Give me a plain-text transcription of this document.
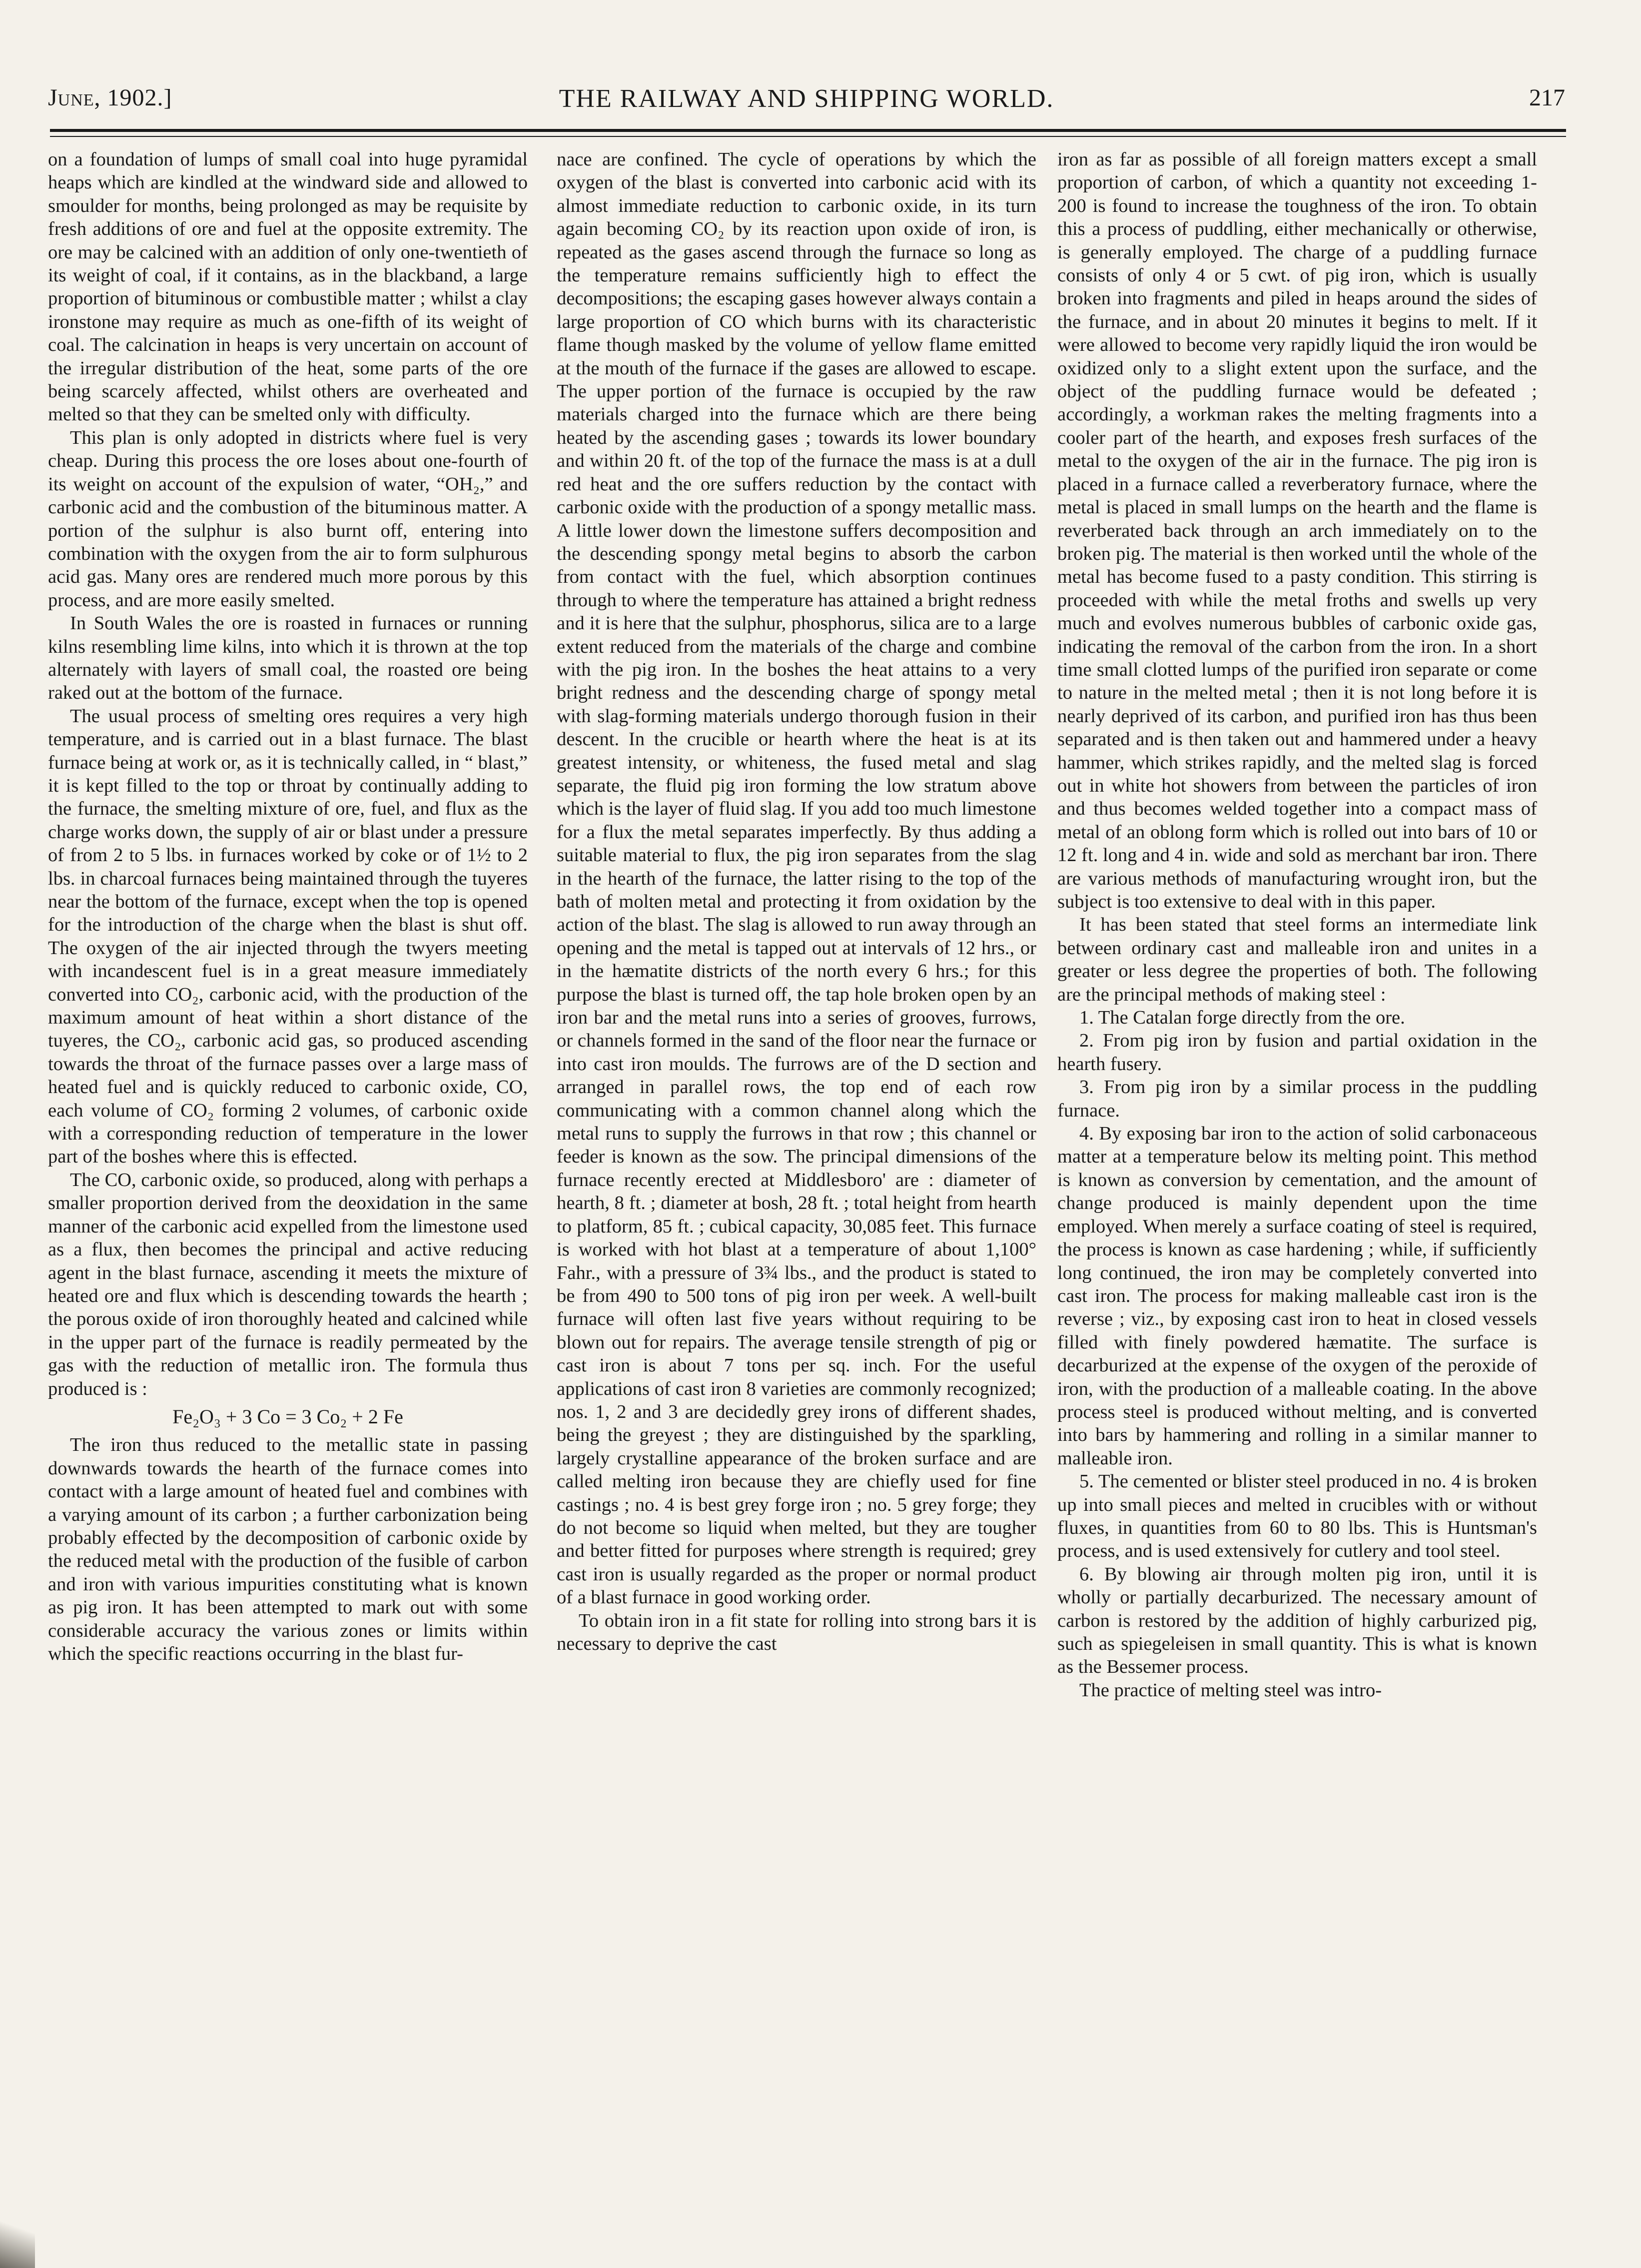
June, 1902.]	THE RAILWAY AND SHIPPING WORLD.	217

on a foundation of lumps of small coal into huge pyramidal heaps which are kindled at the windward side and allowed to smoulder for months, being prolonged as may be requisite by fresh additions of ore and fuel at the opposite extremity. The ore may be calcined with an addition of only one-twentieth of its weight of coal, if it contains, as in the blackband, a large proportion of bituminous or combustible matter ; whilst a clay ironstone may require as much as one-fifth of its weight of coal. The calcination in heaps is very uncertain on account of the irregular distribution of the heat, some parts of the ore being scarcely affected, whilst others are overheated and melted so that they can be smelted only with difficulty.

This plan is only adopted in districts where fuel is very cheap. During this process the ore loses about one-fourth of its weight on account of the expulsion of water, “OH₂,” and carbonic acid and the combustion of the bituminous matter. A portion of the sulphur is also burnt off, entering into combination with the oxygen from the air to form sulphurous acid gas. Many ores are rendered much more porous by this process, and are more easily smelted.

In South Wales the ore is roasted in furnaces or running kilns resembling lime kilns, into which it is thrown at the top alternately with layers of small coal, the roasted ore being raked out at the bottom of the furnace.

The usual process of smelting ores requires a very high temperature, and is carried out in a blast furnace. The blast furnace being at work or, as it is technically called, in “ blast,” it is kept filled to the top or throat by continually adding to the furnace, the smelting mixture of ore, fuel, and flux as the charge works down, the supply of air or blast under a pressure of from 2 to 5 lbs. in furnaces worked by coke or of 1½ to 2 lbs. in charcoal furnaces being maintained through the tuyeres near the bottom of the furnace, except when the top is opened for the introduction of the charge when the blast is shut off. The oxygen of the air injected through the twyers meeting with incandescent fuel is in a great measure immediately converted into CO₂, carbonic acid, with the production of the maximum amount of heat within a short distance of the tuyeres, the CO₂, carbonic acid gas, so produced ascending towards the throat of the furnace passes over a large mass of heated fuel and is quickly reduced to carbonic oxide, CO, each volume of CO₂ forming 2 volumes, of carbonic oxide with a corresponding reduction of temperature in the lower part of the boshes where this is effected.

The CO, carbonic oxide, so produced, along with perhaps a smaller proportion derived from the deoxidation in the same manner of the carbonic acid expelled from the limestone used as a flux, then becomes the principal and active reducing agent in the blast furnace, ascending it meets the mixture of heated ore and flux which is descending towards the hearth ; the porous oxide of iron thoroughly heated and calcined while in the upper part of the furnace is readily permeated by the gas with the reduction of metallic iron. The formula thus produced is :

Fe₂O₃ + 3 Co = 3 Co₂ + 2 Fe

The iron thus reduced to the metallic state in passing downwards towards the hearth of the furnace comes into contact with a large amount of heated fuel and combines with a varying amount of its carbon ; a further carbonization being probably effected by the decomposition of carbonic oxide by the reduced metal with the production of the fusible of carbon and iron with various impurities constituting what is known as pig iron. It has been attempted to mark out with some considerable accuracy the various zones or limits within which the specific reactions occurring in the blast fur-

nace are confined. The cycle of operations by which the oxygen of the blast is converted into carbonic acid with its almost immediate reduction to carbonic oxide, in its turn again becoming CO₂ by its reaction upon oxide of iron, is repeated as the gases ascend through the furnace so long as the temperature remains sufficiently high to effect the decompositions; the escaping gases however always contain a large proportion of CO which burns with its characteristic flame though masked by the volume of yellow flame emitted at the mouth of the furnace if the gases are allowed to escape. The upper portion of the furnace is occupied by the raw materials charged into the furnace which are there being heated by the ascending gases ; towards its lower boundary and within 20 ft. of the top of the furnace the mass is at a dull red heat and the ore suffers reduction by the contact with carbonic oxide with the production of a spongy metallic mass. A little lower down the limestone suffers decomposition and the descending spongy metal begins to absorb the carbon from contact with the fuel, which absorption continues through to where the temperature has attained a bright redness and it is here that the sulphur, phosphorus, silica are to a large extent reduced from the materials of the charge and combine with the pig iron. In the boshes the heat attains to a very bright redness and the descending charge of spongy metal with slag-forming materials undergo thorough fusion in their descent. In the crucible or hearth where the heat is at its greatest intensity, or whiteness, the fused metal and slag separate, the fluid pig iron forming the low stratum above which is the layer of fluid slag. If you add too much limestone for a flux the metal separates imperfectly. By thus adding a suitable material to flux, the pig iron separates from the slag in the hearth of the furnace, the latter rising to the top of the bath of molten metal and protecting it from oxidation by the action of the blast. The slag is allowed to run away through an opening and the metal is tapped out at intervals of 12 hrs., or in the hæmatite districts of the north every 6 hrs.; for this purpose the blast is turned off, the tap hole broken open by an iron bar and the metal runs into a series of grooves, furrows, or channels formed in the sand of the floor near the furnace or into cast iron moulds. The furrows are of the D section and arranged in parallel rows, the top end of each row communicating with a common channel along which the metal runs to supply the furrows in that row ; this channel or feeder is known as the sow. The principal dimensions of the furnace recently erected at Middlesboro' are : diameter of hearth, 8 ft. ; diameter at bosh, 28 ft. ; total height from hearth to platform, 85 ft. ; cubical capacity, 30,085 feet. This furnace is worked with hot blast at a temperature of about 1,100° Fahr., with a pressure of 3¾ lbs., and the product is stated to be from 490 to 500 tons of pig iron per week. A well-built furnace will often last five years without requiring to be blown out for repairs. The average tensile strength of pig or cast iron is about 7 tons per sq. inch. For the useful applications of cast iron 8 varieties are commonly recognized; nos. 1, 2 and 3 are decidedly grey irons of different shades, being the greyest ; they are distinguished by the sparkling, largely crystalline appearance of the broken surface and are called melting iron because they are chiefly used for fine castings ; no. 4 is best grey forge iron ; no. 5 grey forge; they do not become so liquid when melted, but they are tougher and better fitted for purposes where strength is required; grey cast iron is usually regarded as the proper or normal product of a blast furnace in good working order.

To obtain iron in a fit state for rolling into strong bars it is necessary to deprive the cast

iron as far as possible of all foreign matters except a small proportion of carbon, of which a quantity not exceeding 1-200 is found to increase the toughness of the iron. To obtain this a process of puddling, either mechanically or otherwise, is generally employed. The charge of a puddling furnace consists of only 4 or 5 cwt. of pig iron, which is usually broken into fragments and piled in heaps around the sides of the furnace, and in about 20 minutes it begins to melt. If it were allowed to become very rapidly liquid the iron would be oxidized only to a slight extent upon the surface, and the object of the puddling furnace would be defeated ; accordingly, a workman rakes the melting fragments into a cooler part of the hearth, and exposes fresh surfaces of the metal to the oxygen of the air in the furnace. The pig iron is placed in a furnace called a reverberatory furnace, where the metal is placed in small lumps on the hearth and the flame is reverberated back through an arch immediately on to the broken pig. The material is then worked until the whole of the metal has become fused to a pasty condition. This stirring is proceeded with while the metal froths and swells up very much and evolves numerous bubbles of carbonic oxide gas, indicating the removal of the carbon from the iron. In a short time small clotted lumps of the purified iron separate or come to nature in the melted metal ; then it is not long before it is nearly deprived of its carbon, and purified iron has thus been separated and is then taken out and hammered under a heavy hammer, which strikes rapidly, and the melted slag is forced out in white hot showers from between the particles of iron and thus becomes welded together into a compact mass of metal of an oblong form which is rolled out into bars of 10 or 12 ft. long and 4 in. wide and sold as merchant bar iron. There are various methods of manufacturing wrought iron, but the subject is too extensive to deal with in this paper.

It has been stated that steel forms an intermediate link between ordinary cast and malleable iron and unites in a greater or less degree the properties of both. The following are the principal methods of making steel :

1. The Catalan forge directly from the ore.

2. From pig iron by fusion and partial oxidation in the hearth fusery.

3. From pig iron by a similar process in the puddling furnace.

4. By exposing bar iron to the action of solid carbonaceous matter at a temperature below its melting point. This method is known as conversion by cementation, and the amount of change produced is mainly dependent upon the time employed. When merely a surface coating of steel is required, the process is known as case hardening ; while, if sufficiently long continued, the iron may be completely converted into cast iron. The process for making malleable cast iron is the reverse ; viz., by exposing cast iron to heat in closed vessels filled with finely powdered hæmatite. The surface is decarburized at the expense of the oxygen of the peroxide of iron, with the production of a malleable coating. In the above process steel is produced without melting, and is converted into bars by hammering and rolling in a similar manner to malleable iron.

5. The cemented or blister steel produced in no. 4 is broken up into small pieces and melted in crucibles with or without fluxes, in quantities from 60 to 80 lbs. This is Huntsman's process, and is used extensively for cutlery and tool steel.

6. By blowing air through molten pig iron, until it is wholly or partially decarburized. The necessary amount of carbon is restored by the addition of highly carburized pig, such as spiegeleisen in small quantity. This is what is known as the Bessemer process.

The practice of melting steel was intro-
